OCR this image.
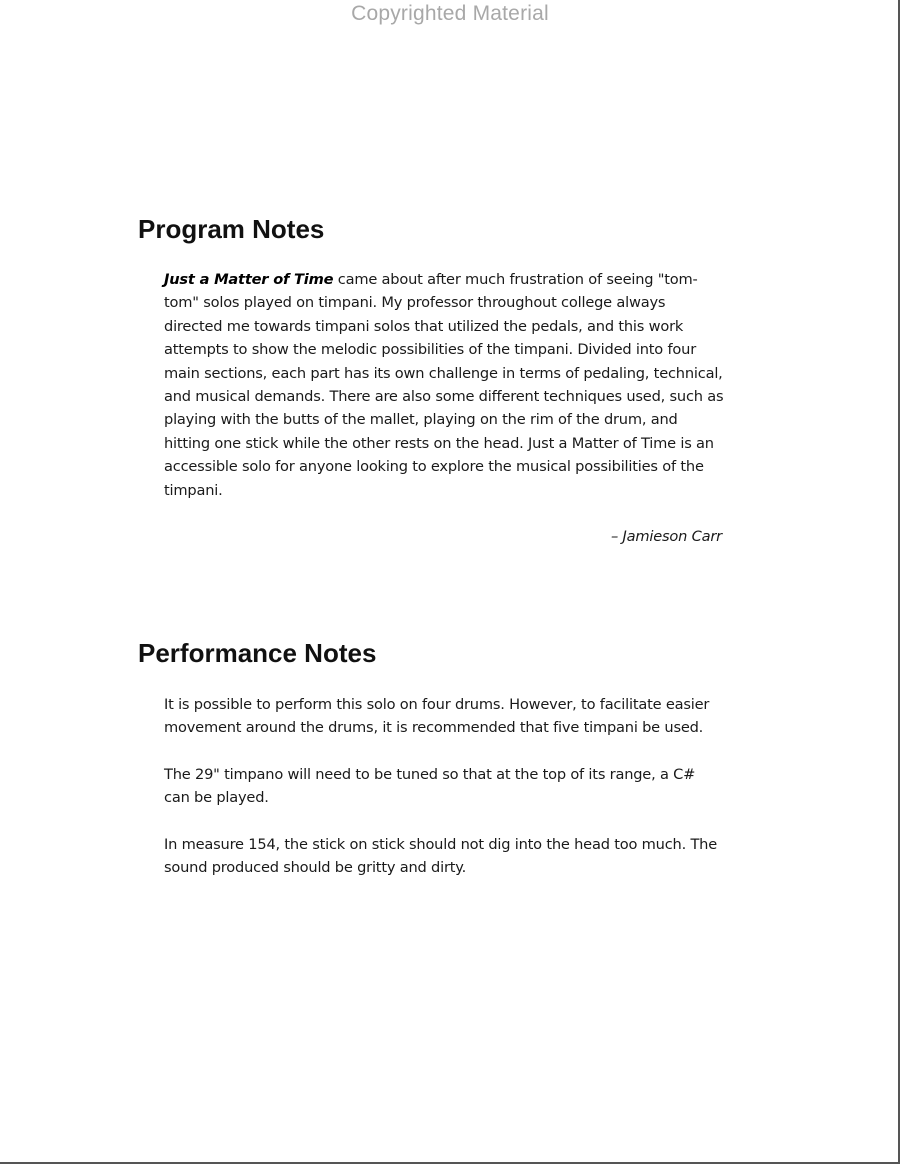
Copyrighted Material
Program Notes

Just a Matter of Time came about after much frustration of seeing "tom-tom" solos played on timpani. My professor throughout college always directed me towards timpani solos that utilized the pedals, and this work attempts to show the melodic possibilities of the timpani. Divided into four main sections, each part has its own challenge in terms of pedaling, technical, and musical demands. There are also some different techniques used, such as playing with the butts of the mallet, playing on the rim of the drum, and hitting one stick while the other rests on the head. Just a Matter of Time is an accessible solo for anyone looking to explore the musical possibilities of the timpani.

– Jamieson Carr
Performance Notes

It is possible to perform this solo on four drums. However, to facilitate easier movement around the drums, it is recommended that five timpani be used.

The 29" timpano will need to be tuned so that at the top of its range, a C# can be played.

In measure 154, the stick on stick should not dig into the head too much. The sound produced should be gritty and dirty.
